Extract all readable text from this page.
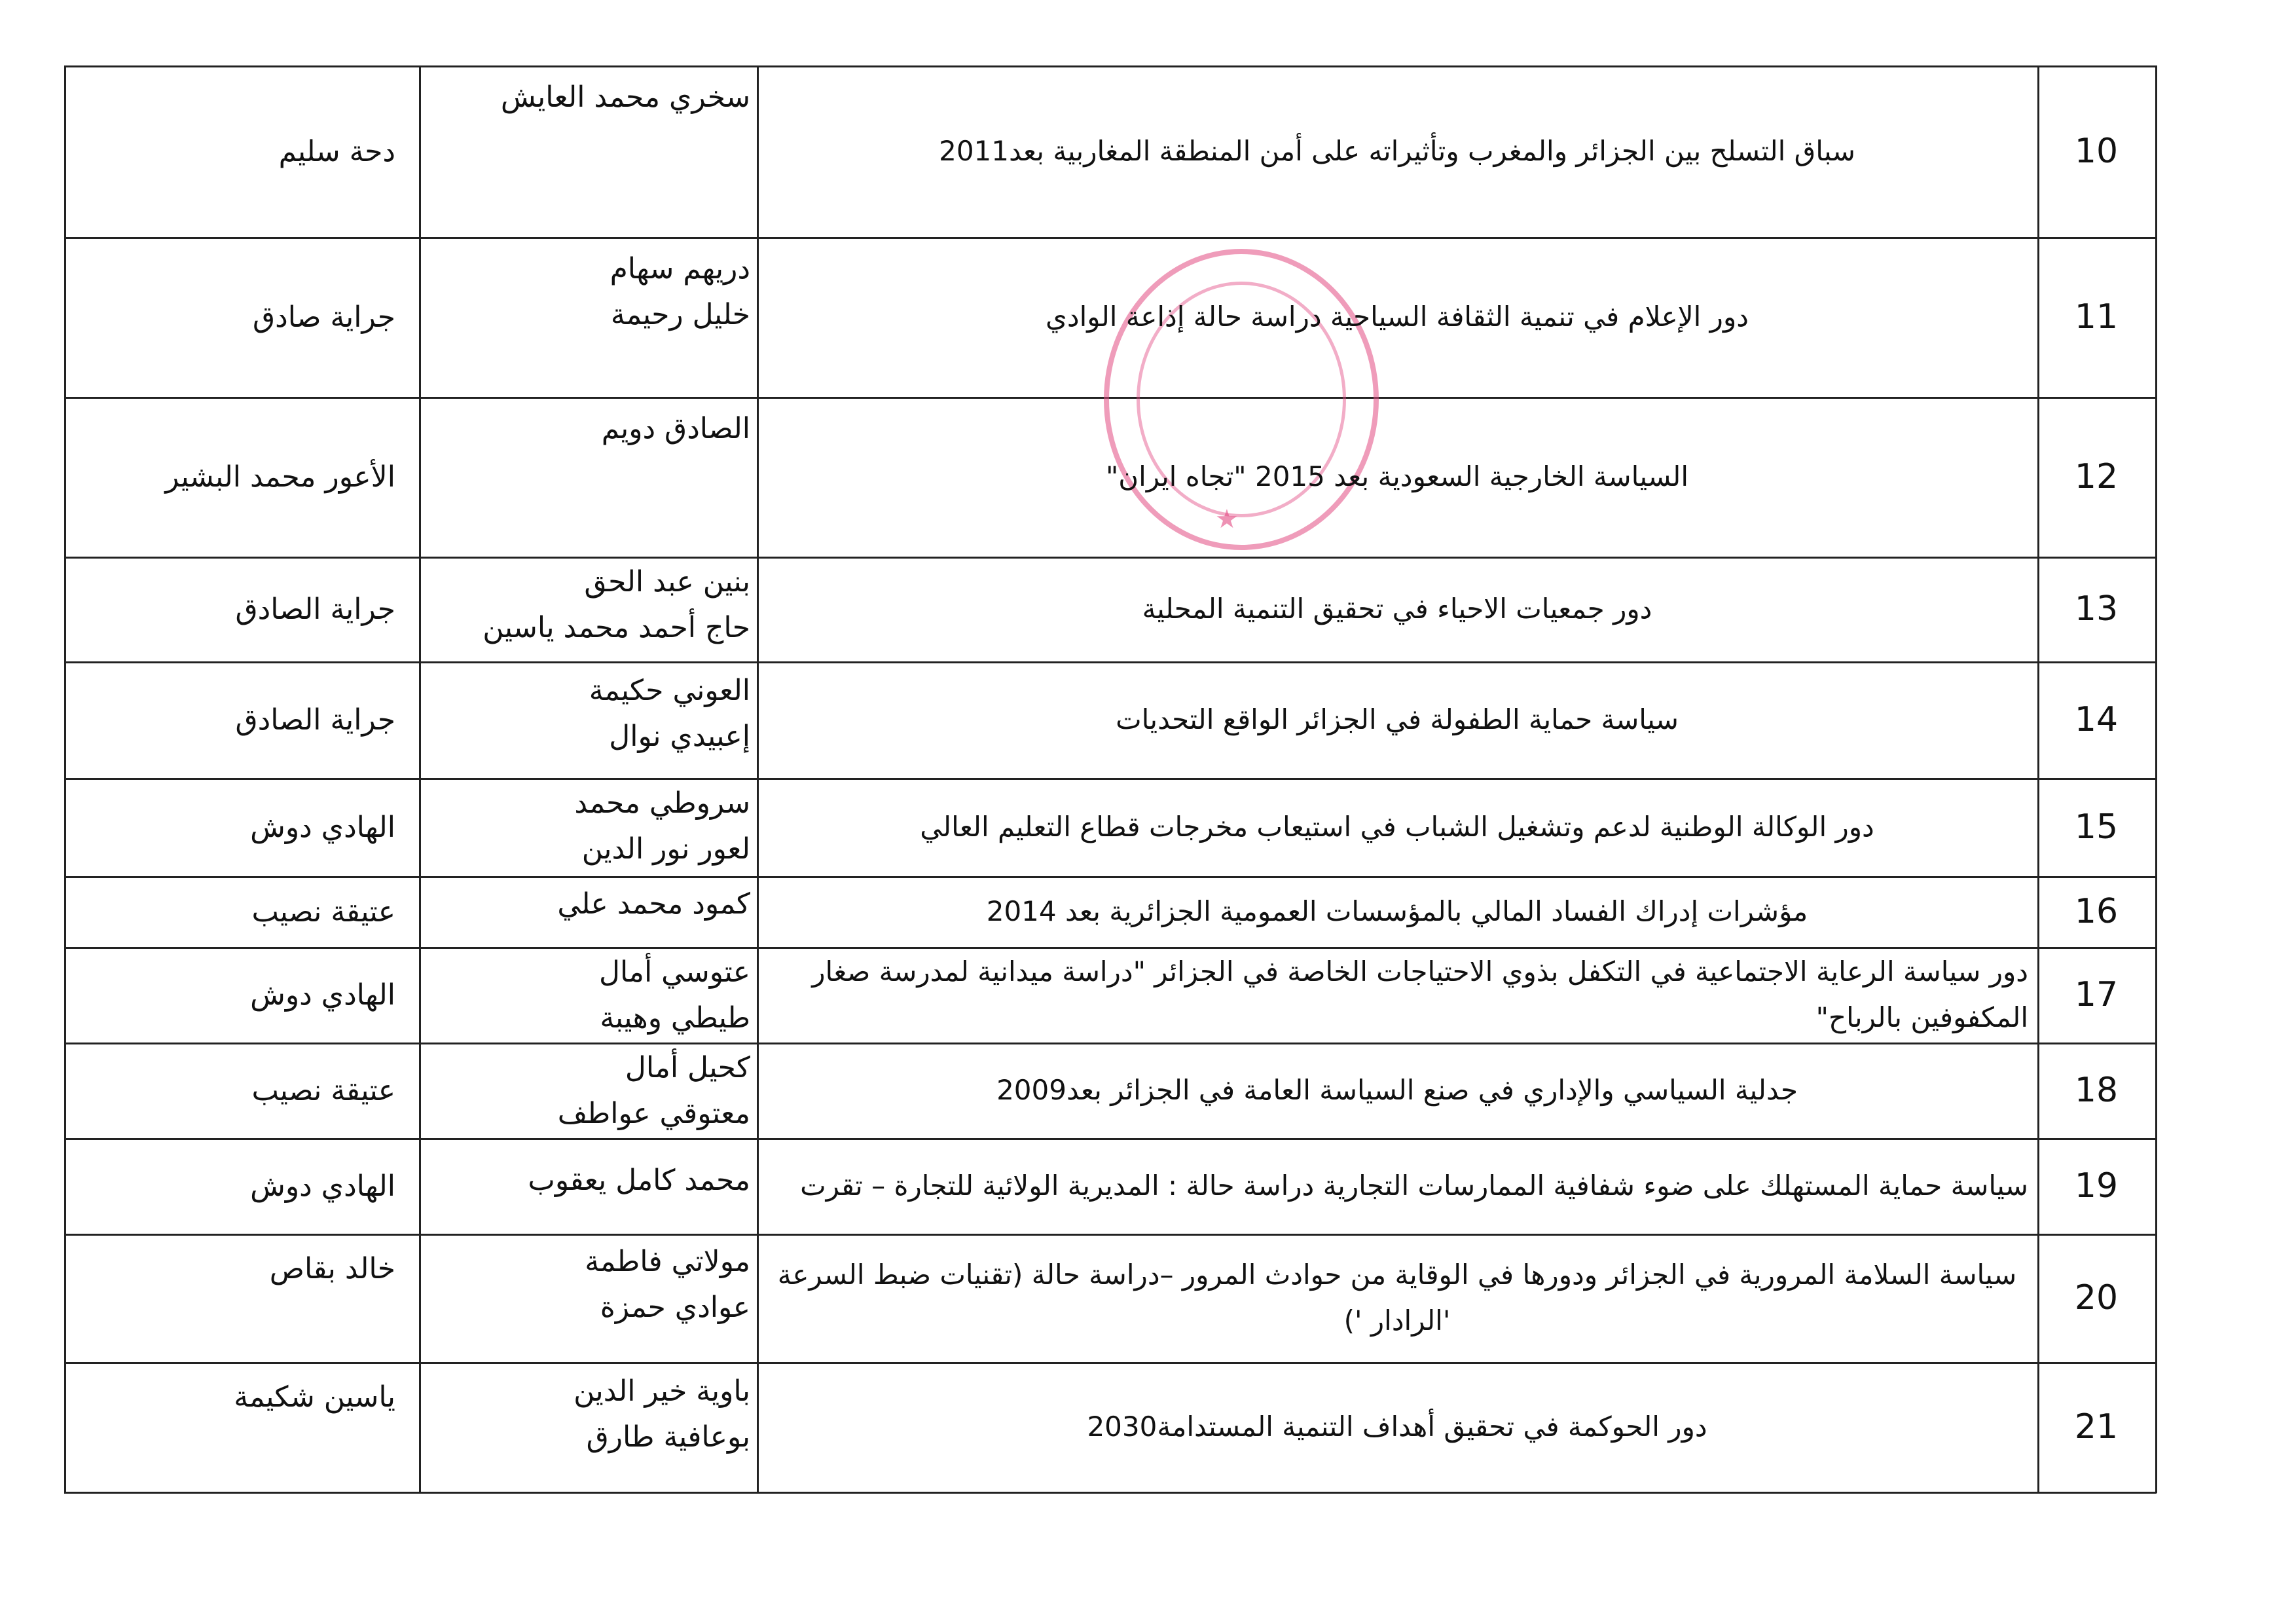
★
10
سباق التسلح بين الجزائر والمغرب وتأثيراته على أمن المنطقة المغاربية بعد2011
سخري محمد العايش
دحة سليم
11
دور الإعلام في تنمية الثقافة السياحية دراسة حالة إذاعة الوادي
دريهم سهام
خليل رحيمة
جراية صادق
12
السياسة الخارجية السعودية بعد 2015 "تجاه ايران"
الصادق دويم
الأعور محمد البشير
13
دور جمعيات الاحياء في تحقيق التنمية المحلية
بنين عبد الحق
حاج أحمد محمد ياسين
جراية الصادق
14
سياسة حماية الطفولة في الجزائر الواقع التحديات
العوني حكيمة
إعبيدي نوال
جراية الصادق
15
دور الوكالة الوطنية لدعم وتشغيل الشباب في استيعاب مخرجات قطاع التعليم العالي
سروطي محمد
لعور نور الدين
الهادي دوش
16
مؤشرات إدراك الفساد المالي بالمؤسسات العمومية الجزائرية بعد 2014
كمود محمد علي
عتيقة نصيب
17
دور سياسة الرعاية الاجتماعية في التكفل بذوي الاحتياجات الخاصة في الجزائر "دراسة ميدانية لمدرسة صغار المكفوفين بالرباح"
عتوسي أمال
طيطي وهيبة
الهادي دوش
18
جدلية السياسي والإداري في صنع السياسة العامة في الجزائر بعد2009
كحيل أمال
معتوقي عواطف
عتيقة نصيب
19
سياسة حماية المستهلك على ضوء شفافية الممارسات التجارية دراسة حالة : المديرية الولائية للتجارة – تقرت
محمد كامل يعقوب
الهادي دوش
20
سياسة السلامة المرورية في الجزائر ودورها في الوقاية من حوادث المرور –دراسة حالة (تقنيات ضبط السرعة 'الرادار ')
مولاتي فاطمة
عوادي حمزة
خالد بقاص
21
دور الحوكمة في تحقيق أهداف التنمية المستدامة2030
باوية خير الدين
بوعافية طارق
ياسين شكيمة
